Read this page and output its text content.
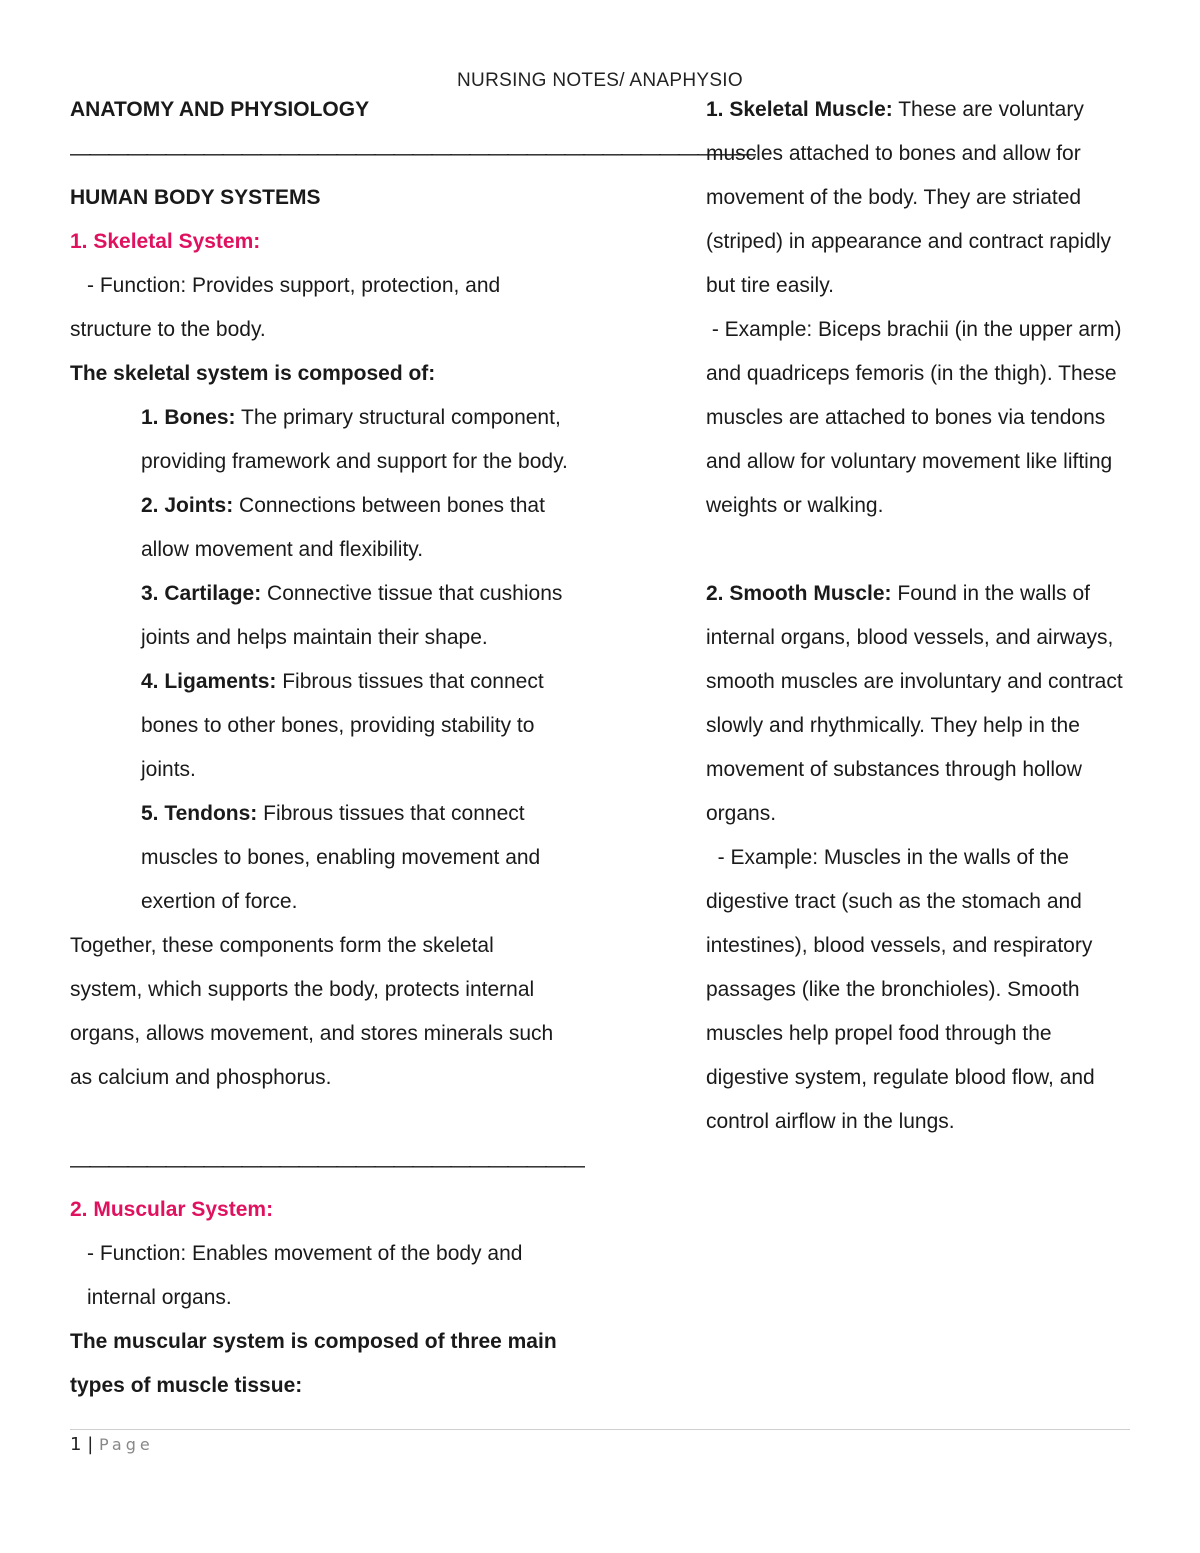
NURSING NOTES/ ANAPHYSIO

ANATOMY AND PHYSIOLOGY

————————————————————————————————————

HUMAN BODY SYSTEMS

1. Skeletal System:

- Function: Provides support, protection, and

structure to the body.

The skeletal system is composed of:

1. Bones: The primary structural component, providing framework and support for the body.

2. Joints: Connections between bones that allow movement and flexibility.

3. Cartilage: Connective tissue that cushions joints and helps maintain their shape.

4. Ligaments: Fibrous tissues that connect bones to other bones, providing stability to joints.

5. Tendons: Fibrous tissues that connect muscles to bones, enabling movement and exertion of force.

Together, these components form the skeletal system, which supports the body, protects internal organs, allows movement, and stores minerals such as calcium and phosphorus.

———————————————————————————

2. Muscular System:

- Function: Enables movement of the body and internal organs.

The muscular system is composed of three main types of muscle tissue:

1. Skeletal Muscle: These are voluntary muscles attached to bones and allow for movement of the body. They are striated (striped) in appearance and contract rapidly but tire easily.

- Example: Biceps brachii (in the upper arm) and quadriceps femoris (in the thigh). These muscles are attached to bones via tendons and allow for voluntary movement like lifting weights or walking.

2. Smooth Muscle: Found in the walls of internal organs, blood vessels, and airways, smooth muscles are involuntary and contract slowly and rhythmically. They help in the movement of substances through hollow organs.

- Example: Muscles in the walls of the digestive tract (such as the stomach and intestines), blood vessels, and respiratory passages (like the bronchioles). Smooth muscles help propel food through the digestive system, regulate blood flow, and control airflow in the lungs.

1 | Page
